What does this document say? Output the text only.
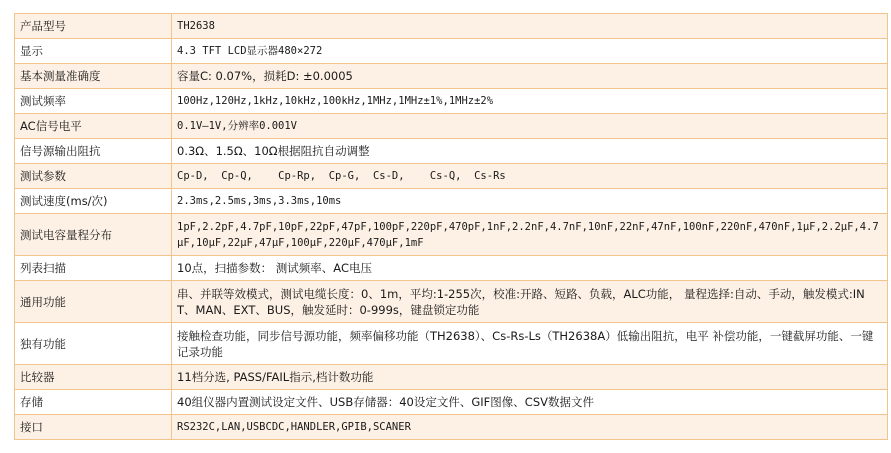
产品型号	TH2638
显示	4.3 TFT LCD显示器480×272
基本测量准确度	容量C: 0.07%，损耗D: ±0.0005
测试频率	100Hz,120Hz,1kHz,10kHz,100kHz,1MHz,1MHz±1%,1MHz±2%
AC信号电平	0.1V—1V,分辨率0.001V
信号源输出阻抗	0.3Ω、1.5Ω、10Ω根据阻抗自动调整
测试参数	Cp-D,  Cp-Q,    Cp-Rp,  Cp-G,  Cs-D,    Cs-Q,  Cs-Rs
测试速度(ms/次)	2.3ms,2.5ms,3ms,3.3ms,10ms
测试电容量程分布	1pF,2.2pF,4.7pF,10pF,22pF,47pF,100pF,220pF,470pF,1nF,2.2nF,4.7nF,10nF,22nF,47nF,100nF,220nF,470nF,1μF,2.2μF,4.7μF,10μF,22μF,47μF,100μF,220μF,470μF,1mF
列表扫描	10点，扫描参数： 测试频率、AC电压
通用功能	串、并联等效模式，测试电缆长度：0、1m，平均:1-255次，校准:开路、短路、负载，ALC功能， 量程选择:自动、手动，触发模式:INT、MAN、EXT、BUS，触发延时：0-999s，键盘锁定功能
独有功能	接触检查功能，同步信号源功能，频率偏移功能（TH2638）、Cs-Rs-Ls（TH2638A）低输出阻抗，电平 补偿功能，一键截屏功能、一键记录功能
比较器	11档分选, PASS/FAIL指示,档计数功能
存储	40组仪器内置测试设定文件、USB存储器：40设定文件、GIF图像、CSV数据文件
接口	RS232C,LAN,USBCDC,HANDLER,GPIB,SCANER
